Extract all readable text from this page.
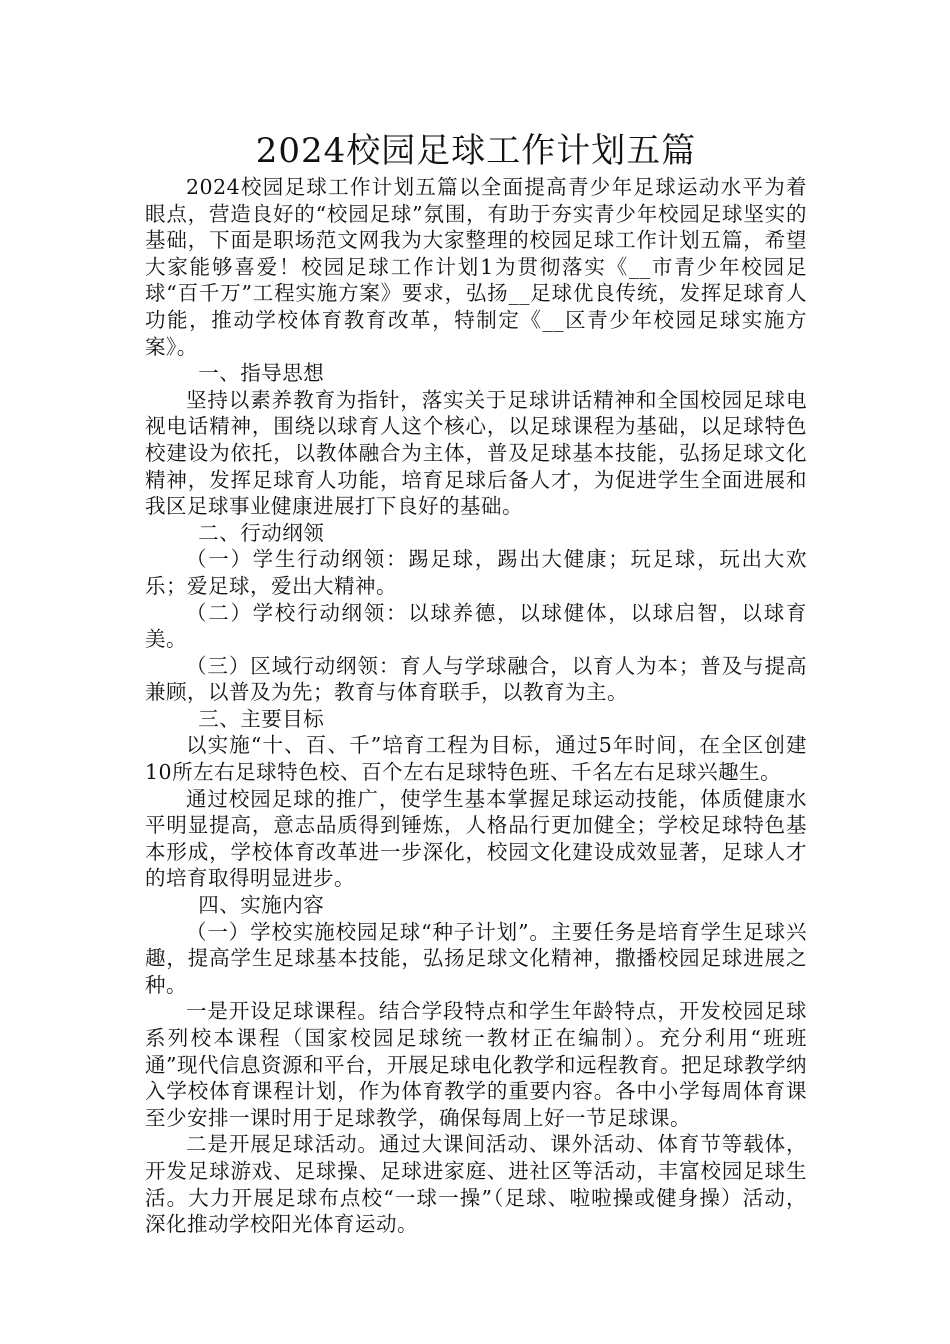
2024校园足球工作计划五篇

2024校园足球工作计划五篇以全面提高青少年足球运动水平为着眼点，营造良好的“校园足球”氛围，有助于夯实青少年校园足球坚实的基础，下面是职场范文网我为大家整理的校园足球工作计划五篇，希望大家能够喜爱！校园足球工作计划1为贯彻落实《__市青少年校园足球“百千万”工程实施方案》要求，弘扬__足球优良传统，发挥足球育人功能，推动学校体育教育改革，特制定《__区青少年校园足球实施方案》。

一、指导思想

坚持以素养教育为指针，落实关于足球讲话精神和全国校园足球电视电话精神，围绕以球育人这个核心，以足球课程为基础，以足球特色校建设为依托，以教体融合为主体，普及足球基本技能，弘扬足球文化精神，发挥足球育人功能，培育足球后备人才，为促进学生全面进展和我区足球事业健康进展打下良好的基础。

二、行动纲领

（一）学生行动纲领：踢足球，踢出大健康；玩足球，玩出大欢乐；爱足球，爱出大精神。

（二）学校行动纲领：以球养德，以球健体，以球启智，以球育美。

（三）区域行动纲领：育人与学球融合，以育人为本；普及与提高兼顾，以普及为先；教育与体育联手，以教育为主。

三、主要目标

以实施“十、百、千”培育工程为目标，通过5年时间，在全区创建10所左右足球特色校、百个左右足球特色班、千名左右足球兴趣生。

通过校园足球的推广，使学生基本掌握足球运动技能，体质健康水平明显提高，意志品质得到锤炼，人格品行更加健全；学校足球特色基本形成，学校体育改革进一步深化，校园文化建设成效显著，足球人才的培育取得明显进步。

四、实施内容

（一）学校实施校园足球“种子计划”。主要任务是培育学生足球兴趣，提高学生足球基本技能，弘扬足球文化精神，撒播校园足球进展之种。

一是开设足球课程。结合学段特点和学生年龄特点，开发校园足球系列校本课程（国家校园足球统一教材正在编制）。充分利用“班班通”现代信息资源和平台，开展足球电化教学和远程教育。把足球教学纳入学校体育课程计划，作为体育教学的重要内容。各中小学每周体育课至少安排一课时用于足球教学，确保每周上好一节足球课。

二是开展足球活动。通过大课间活动、课外活动、体育节等载体，开发足球游戏、足球操、足球进家庭、进社区等活动，丰富校园足球生活。大力开展足球布点校“一球一操”（足球、啦啦操或健身操）活动，深化推动学校阳光体育运动。
